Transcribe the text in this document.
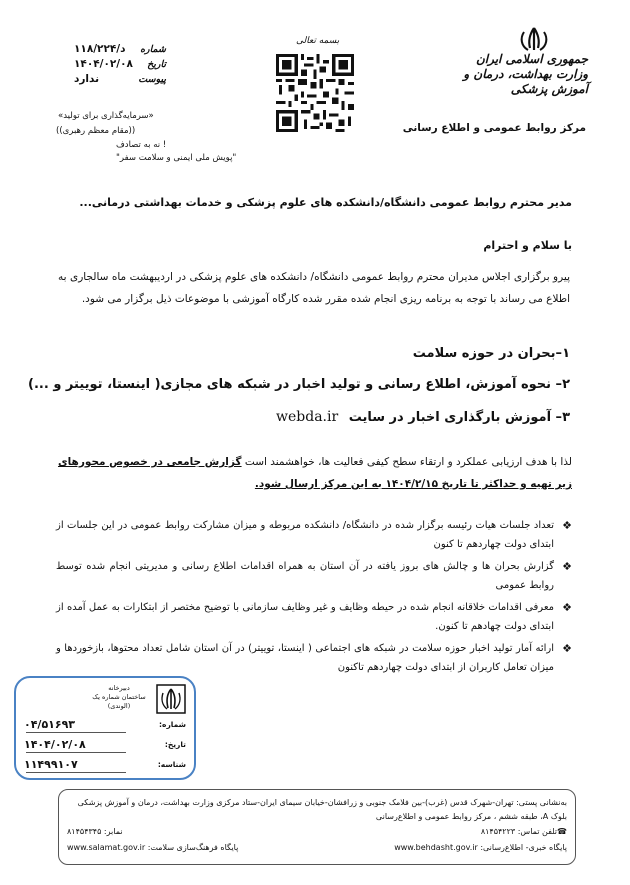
جمهوری اسلامی ایران
وزارت بهداشت، درمان و آموزش پزشکی
مرکز روابط عمومی و اطلاع رسانی
بسمه تعالی
شماره
د/۱۱۸/۲۲۴
تاریخ
۱۴۰۴/۰۲/۰۸
پیوست
ندارد
«سرمایه‌گذاری برای تولید»
((مقام معظم رهبری))
! نه به تصادف
"پویش ملی ایمنی و سلامت سفر"
مدیر محترم روابط عمومی دانشگاه/دانشکده های علوم پزشکی و خدمات بهداشتی درمانی...
با سلام و احترام
پیرو برگزاری اجلاس مدیران محترم روابط عمومی دانشگاه/ دانشکده های علوم پزشکی در اردیبهشت ماه سالجاری به اطلاع می رساند با توجه به برنامه ریزی انجام شده مقرر شده کارگاه آموزشی با موضوعات ذیل برگزار می شود.
۱–بحران در حوزه سلامت
۲– نحوه آموزش، اطلاع رسانی و تولید اخبار در شبکه های مجازی( اینستا، توییتر و ...)
۳– آموزش بارگذاری اخبار در سایت webda.ir
لذا با هدف ارزیابی عملکرد و ارتقاء سطح کیفی فعالیت ها، خواهشمند است گزارش جامعی در خصوص محورهای زیر تهیه و حداکثر تا تاریخ ۱۴۰۴/۲/۱۵ به این مرکز ارسال شود.
❖
تعداد جلسات هیات رئیسه برگزار شده در دانشگاه/ دانشکده مربوطه و میزان مشارکت روابط عمومی در این جلسات از ابتدای دولت چهاردهم تا کنون
❖
گزارش بحران ها و چالش های بروز یافته در آن استان به همراه اقدامات اطلاع رسانی و مدیریتی انجام شده توسط روابط عمومی
❖
معرفی اقدامات خلاقانه انجام شده در حیطه وظایف و غیر وظایف سازمانی با توضیح مختصر از ابتکارات به عمل آمده از ابتدای دولت چهادهم تا کنون.
❖
ارائه آمار تولید اخبار حوزه سلامت در شبکه های اجتماعی ( اینستا، توییتر) در آن استان شامل تعداد محتوها، بازخوردها و میزان تعامل کاربران از ابتدای دولت چهاردهم تاکنون
دبیرخانه
ساختمان شماره یک
(الوندی)
شماره:
۰۴/۵۱۶۹۳
تاریخ:
۱۴۰۴/۰۲/۰۸
شناسه:
۱۱۴۹۹۱۰۷
به‌نشانی پستی: تهران-شهرک قدس (غرب)-بین فلامک جنوبی و زرافشان-خیابان سیمای ایران-ستاد مرکزی وزارت بهداشت، درمان و آموزش پزشکی بلوک A، طبقه ششم ، مرکز روابط عمومی و اطلاع‌رسانی
☎تلفن تماس: ۸۱۴۵۴۲۲۳
نمابر: ۸۱۴۵۴۳۴۵
پایگاه خبری- اطلاع‌رسانی: www.behdasht.gov.ir
پایگاه فرهنگ‌سازی سلامت: www.salamat.gov.ir
